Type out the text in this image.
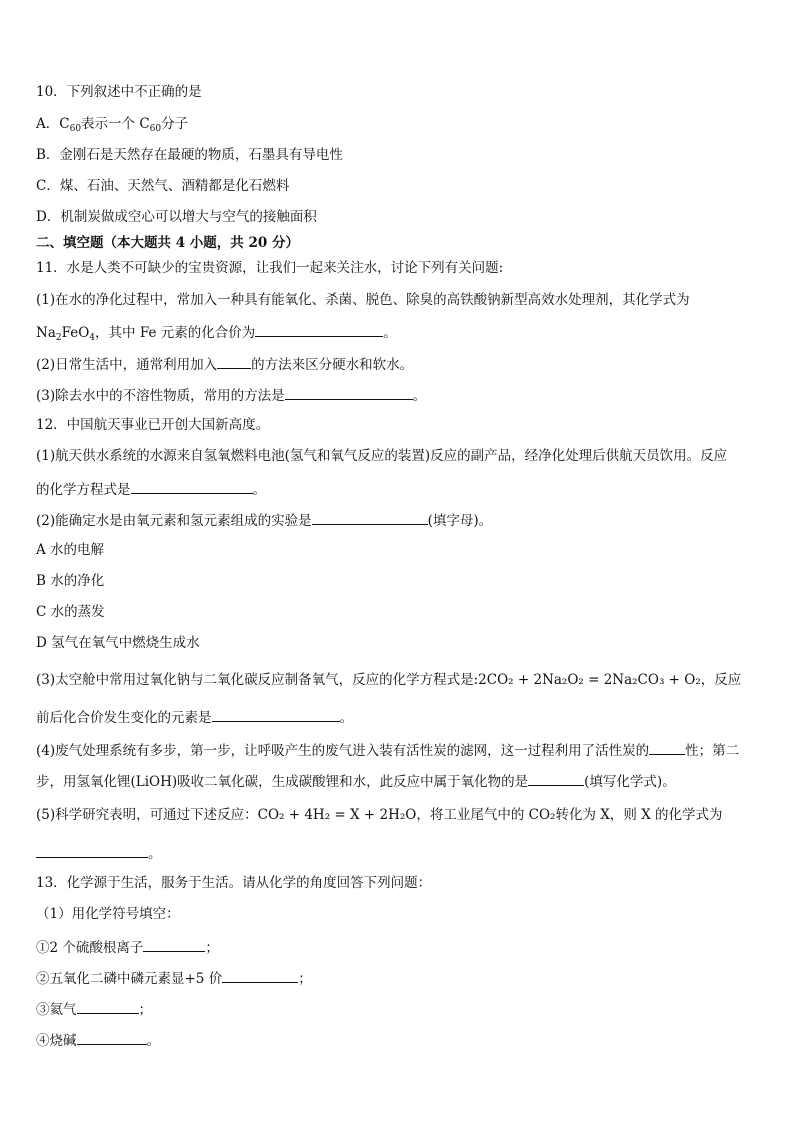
10．下列叙述中不正确的是
A．$C_{60}$表示一个 $C_{60}$分子
B．金刚石是天然存在最硬的物质，石墨具有导电性
C．煤、石油、天然气、酒精都是化石燃料
D．机制炭做成空心可以增大与空气的接触面积
二、填空题（本大题共 4 小题，共 20 分）
11．水是人类不可缺少的宝贵资源，让我们一起来关注水，讨论下列有关问题:
(1)在水的净化过程中，常加入一种具有能氧化、杀菌、脱色、除臭的高铁酸钠新型高效水处理剂，其化学式为
$Na_2FeO_4$，其中 Fe 元素的化合价为	。
(2)日常生活中，通常利用加入	的方法来区分硬水和软水。
(3)除去水中的不溶性物质，常用的方法是	。
12．中国航天事业已开创大国新高度。
(1)航天供水系统的水源来自氢氧燃料电池(氢气和氧气反应的装置)反应的副产品，经净化处理后供航天员饮用。反应
的化学方程式是	。
(2)能确定水是由氧元素和氢元素组成的实验是	(填字母)。
A 水的电解
B 水的净化
C 水的蒸发
D 氢气在氧气中燃烧生成水
(3)太空舱中常用过氧化钠与二氧化碳反应制备氧气，反应的化学方程式是:2CO₂ + 2Na₂O₂ = 2Na₂CO₃ + O₂，反应
前后化合价发生变化的元素是	。
(4)废气处理系统有多步，第一步，让呼吸产生的废气进入装有活性炭的滤网，这一过程利用了活性炭的	性；第二
步，用氢氧化锂(LiOH)吸收二氧化碳，生成碳酸锂和水，此反应中属于氧化物的是	(填写化学式)。
(5)科学研究表明，可通过下述反应：CO₂ + 4H₂ = X + 2H₂O，将工业尾气中的 CO₂转化为 X，则 X 的化学式为
。
13．化学源于生活，服务于生活。请从化学的角度回答下列问题：
（1）用化学符号填空：
①2 个硫酸根离子	；
②五氧化二磷中磷元素显+5 价	；
③氦气	；
④烧碱	。
